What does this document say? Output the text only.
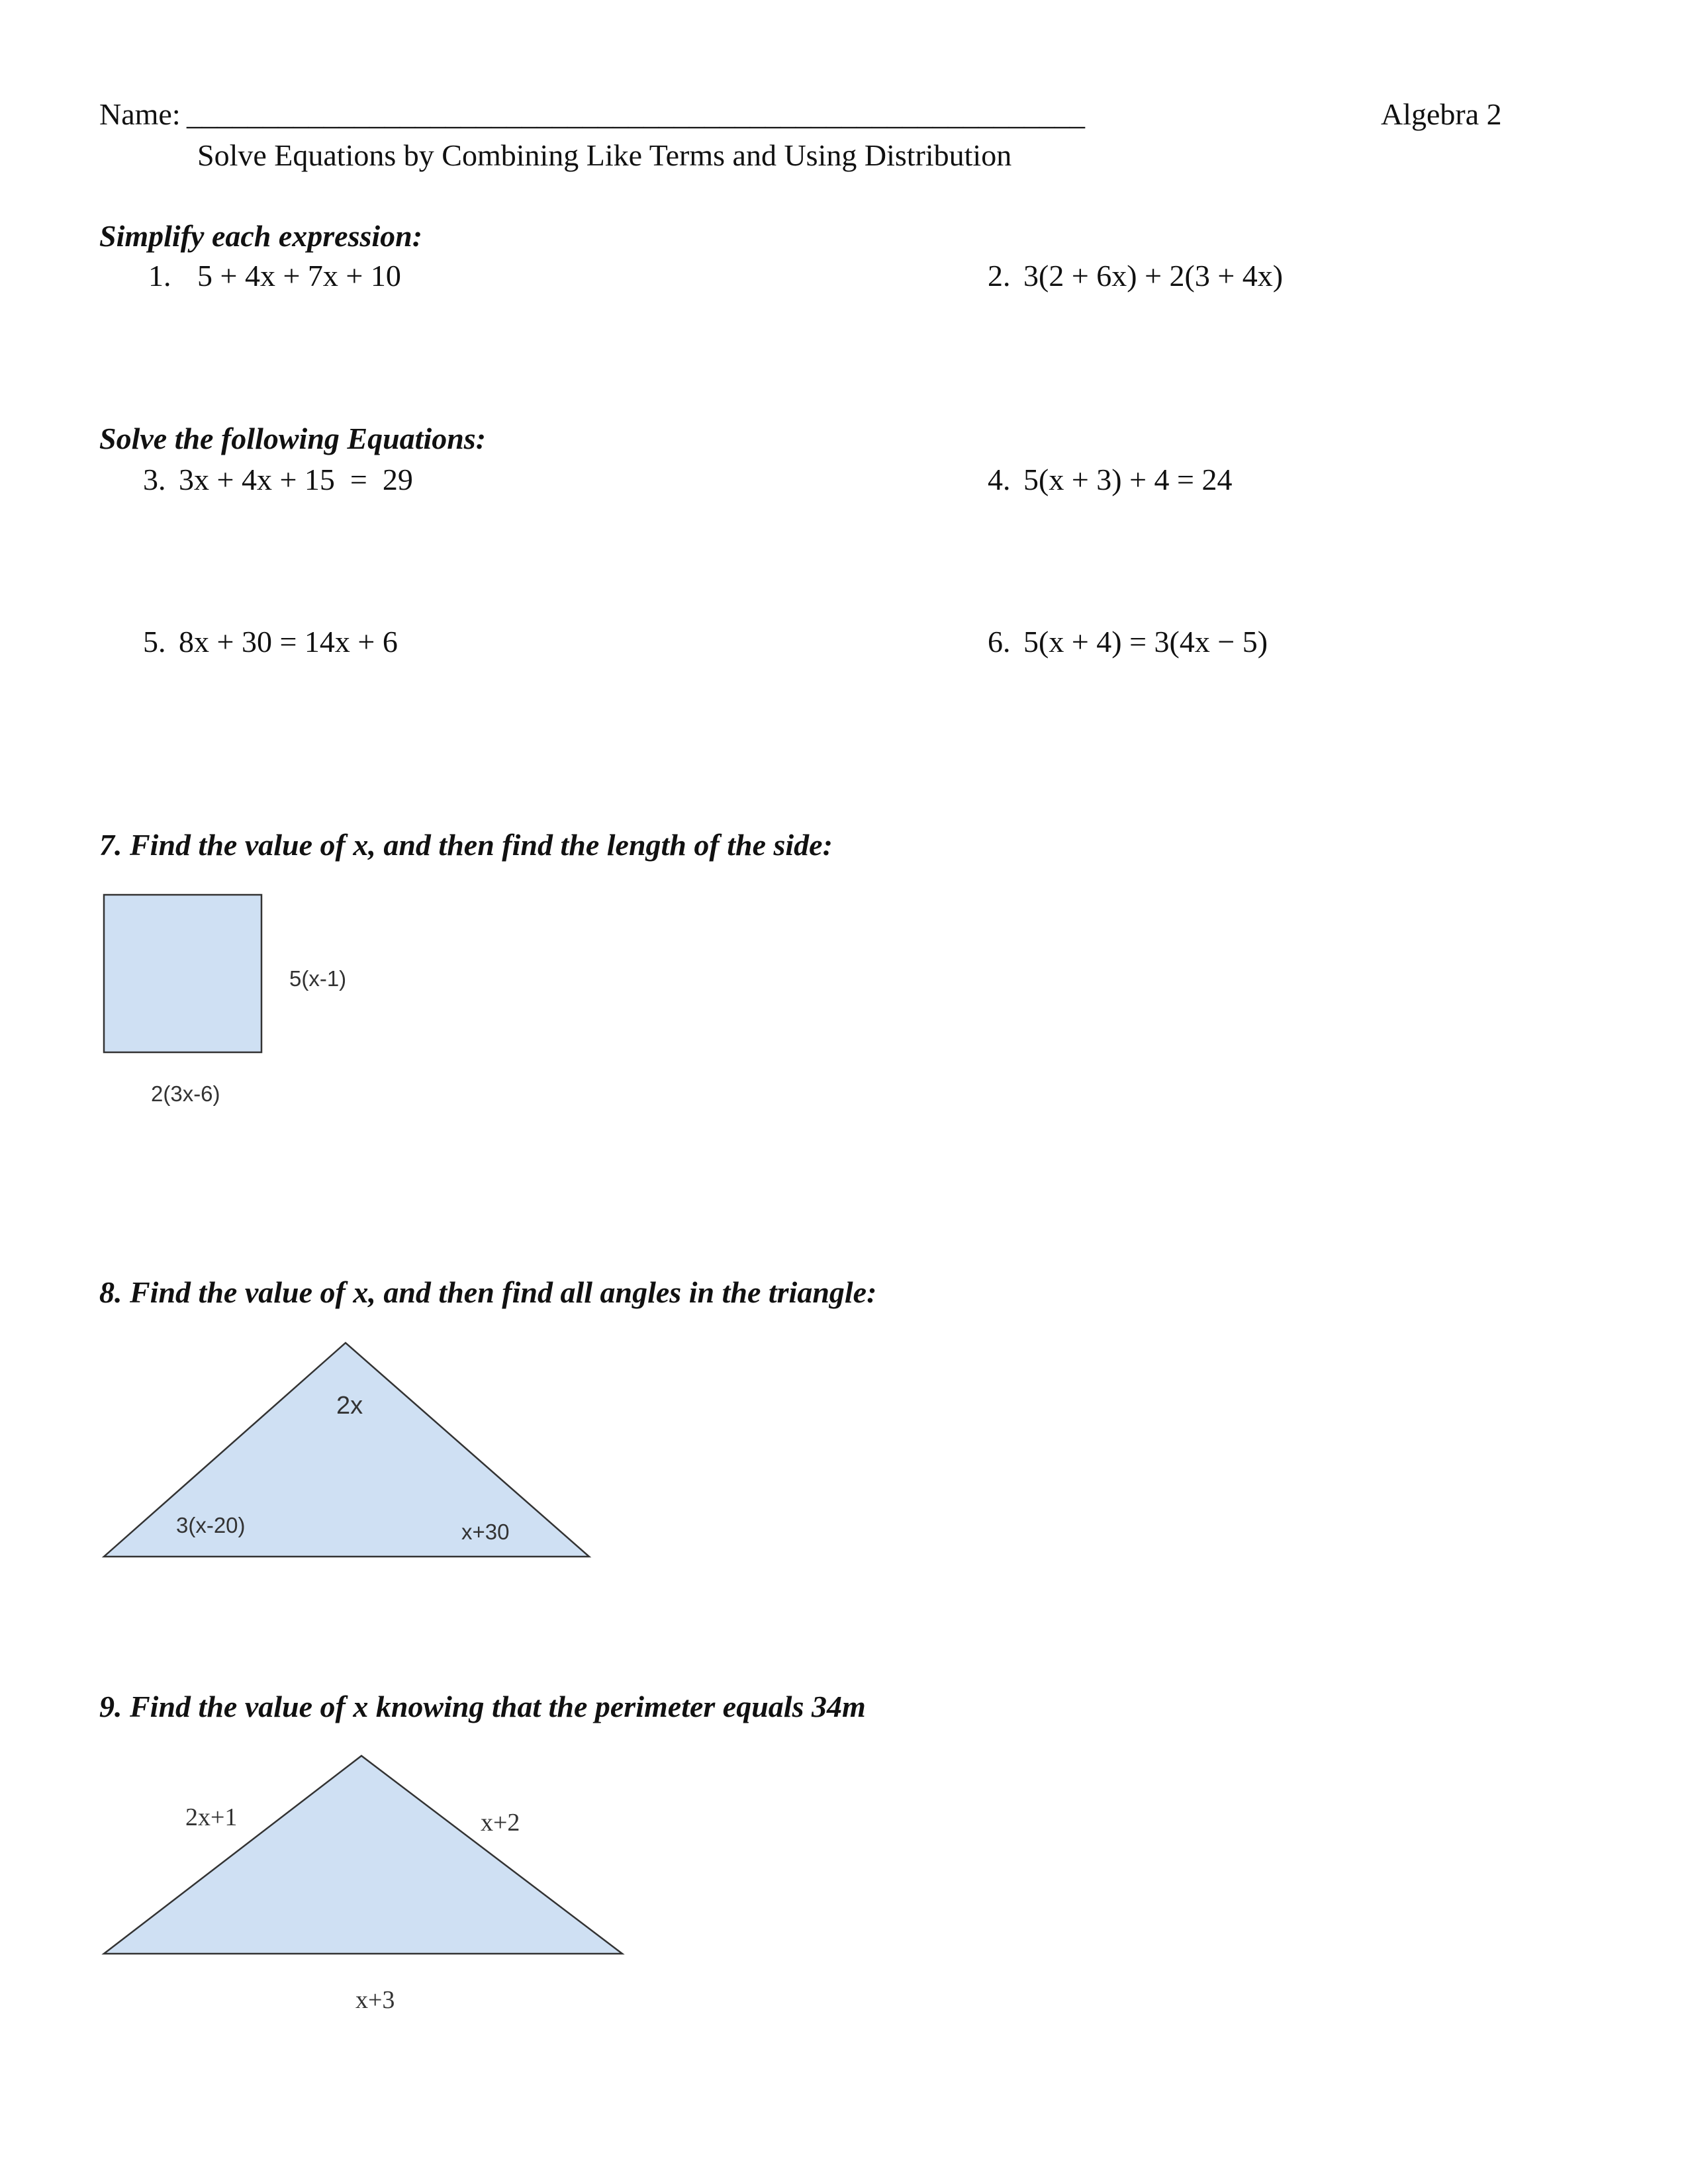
Name: ___________________________________________________________	Algebra 2
Solve Equations by Combining Like Terms and Using Distribution
Simplify each expression:
1. 5 + 4x + 7x + 10	2. 3(2 + 6x) + 2(3 + 4x)
Solve the following Equations:
3. 3x + 4x + 15  =  29	4. 5(x + 3) + 4 = 24
5. 8x + 30 = 14x + 6	6. 5(x + 4) = 3(4x − 5)
7. Find the value of x, and then find the length of the side:
5(x-1)
2(3x-6)
8. Find the value of x, and then find all angles in the triangle:
2x
3(x-20)	x+30
9. Find the value of x knowing that the perimeter equals 34m
2x+1	x+2
x+3
